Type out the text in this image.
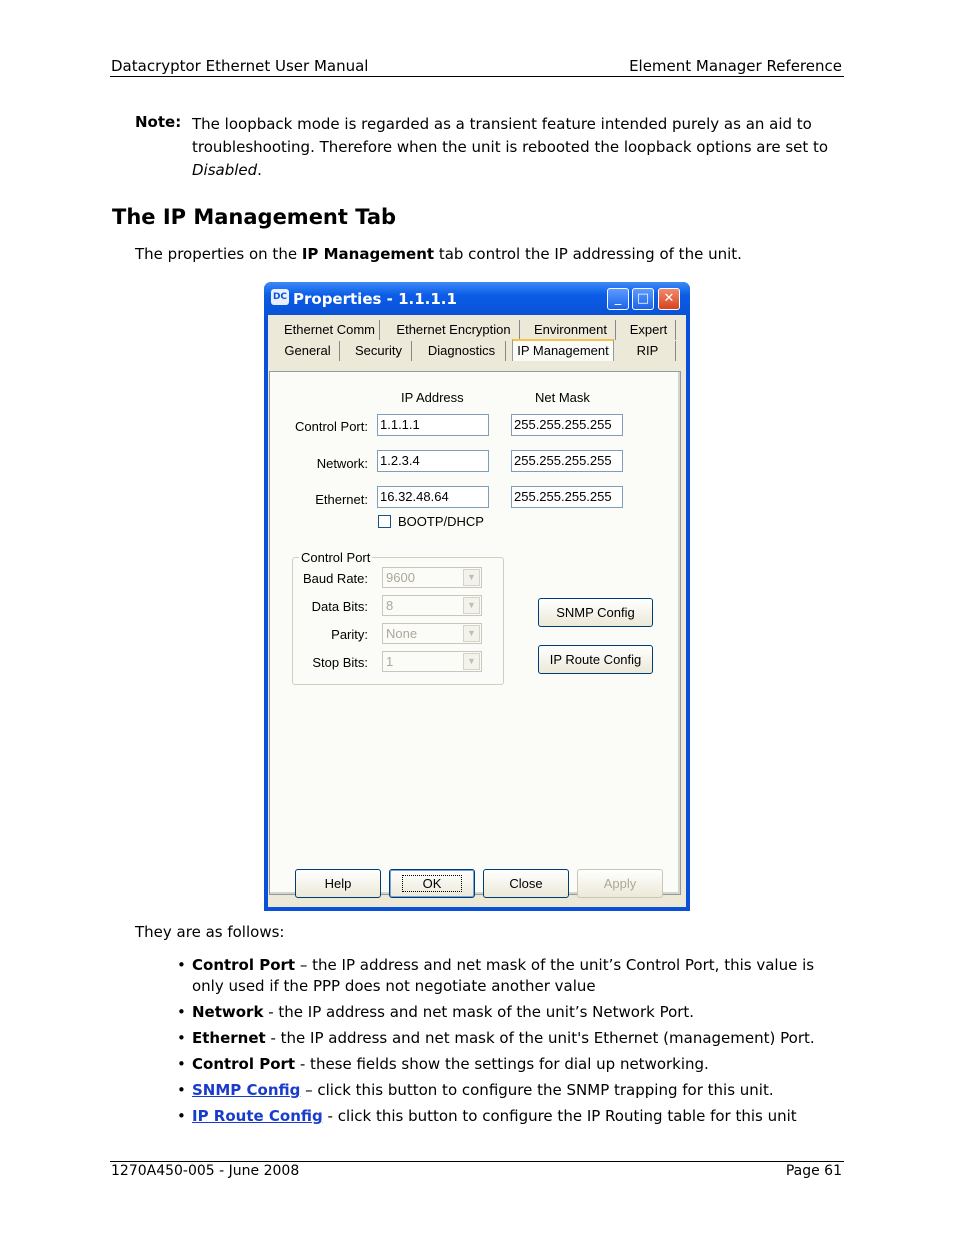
Datacryptor Ethernet User Manual	Element Manager Reference
Note: The loopback mode is regarded as a transient feature intended purely as an aid to troubleshooting. Therefore when the unit is rebooted the loopback options are set to Disabled.
The IP Management Tab
The properties on the IP Management tab control the IP addressing of the unit.
DC Properties - 1.1.1.1	_	□	✕
Ethernet Comm	Ethernet Encryption	Environment	Expert
General	Security	Diagnostics	IP Management	RIP
IP Address	Net Mask
Control Port: 1.1.1.1	255.255.255.255
Network: 1.2.3.4	255.255.255.255
Ethernet: 16.32.48.64	255.255.255.255
BOOTP/DHCP
Control Port
Baud Rate:	9600	▼
Data Bits:	8	▼
Parity:	None	▼
Stop Bits:	1	▼
SNMP Config
IP Route Config
Help	OK	Close	Apply
They are as follows:
• Control Port – the IP address and net mask of the unit’s Control Port, this value is only used if the PPP does not negotiate another value
• Network - the IP address and net mask of the unit’s Network Port.
• Ethernet - the IP address and net mask of the unit's Ethernet (management) Port.
• Control Port - these fields show the settings for dial up networking.
• SNMP Config – click this button to configure the SNMP trapping for this unit.
• IP Route Config - click this button to configure the IP Routing table for this unit
1270A450-005 - June 2008	Page 61
